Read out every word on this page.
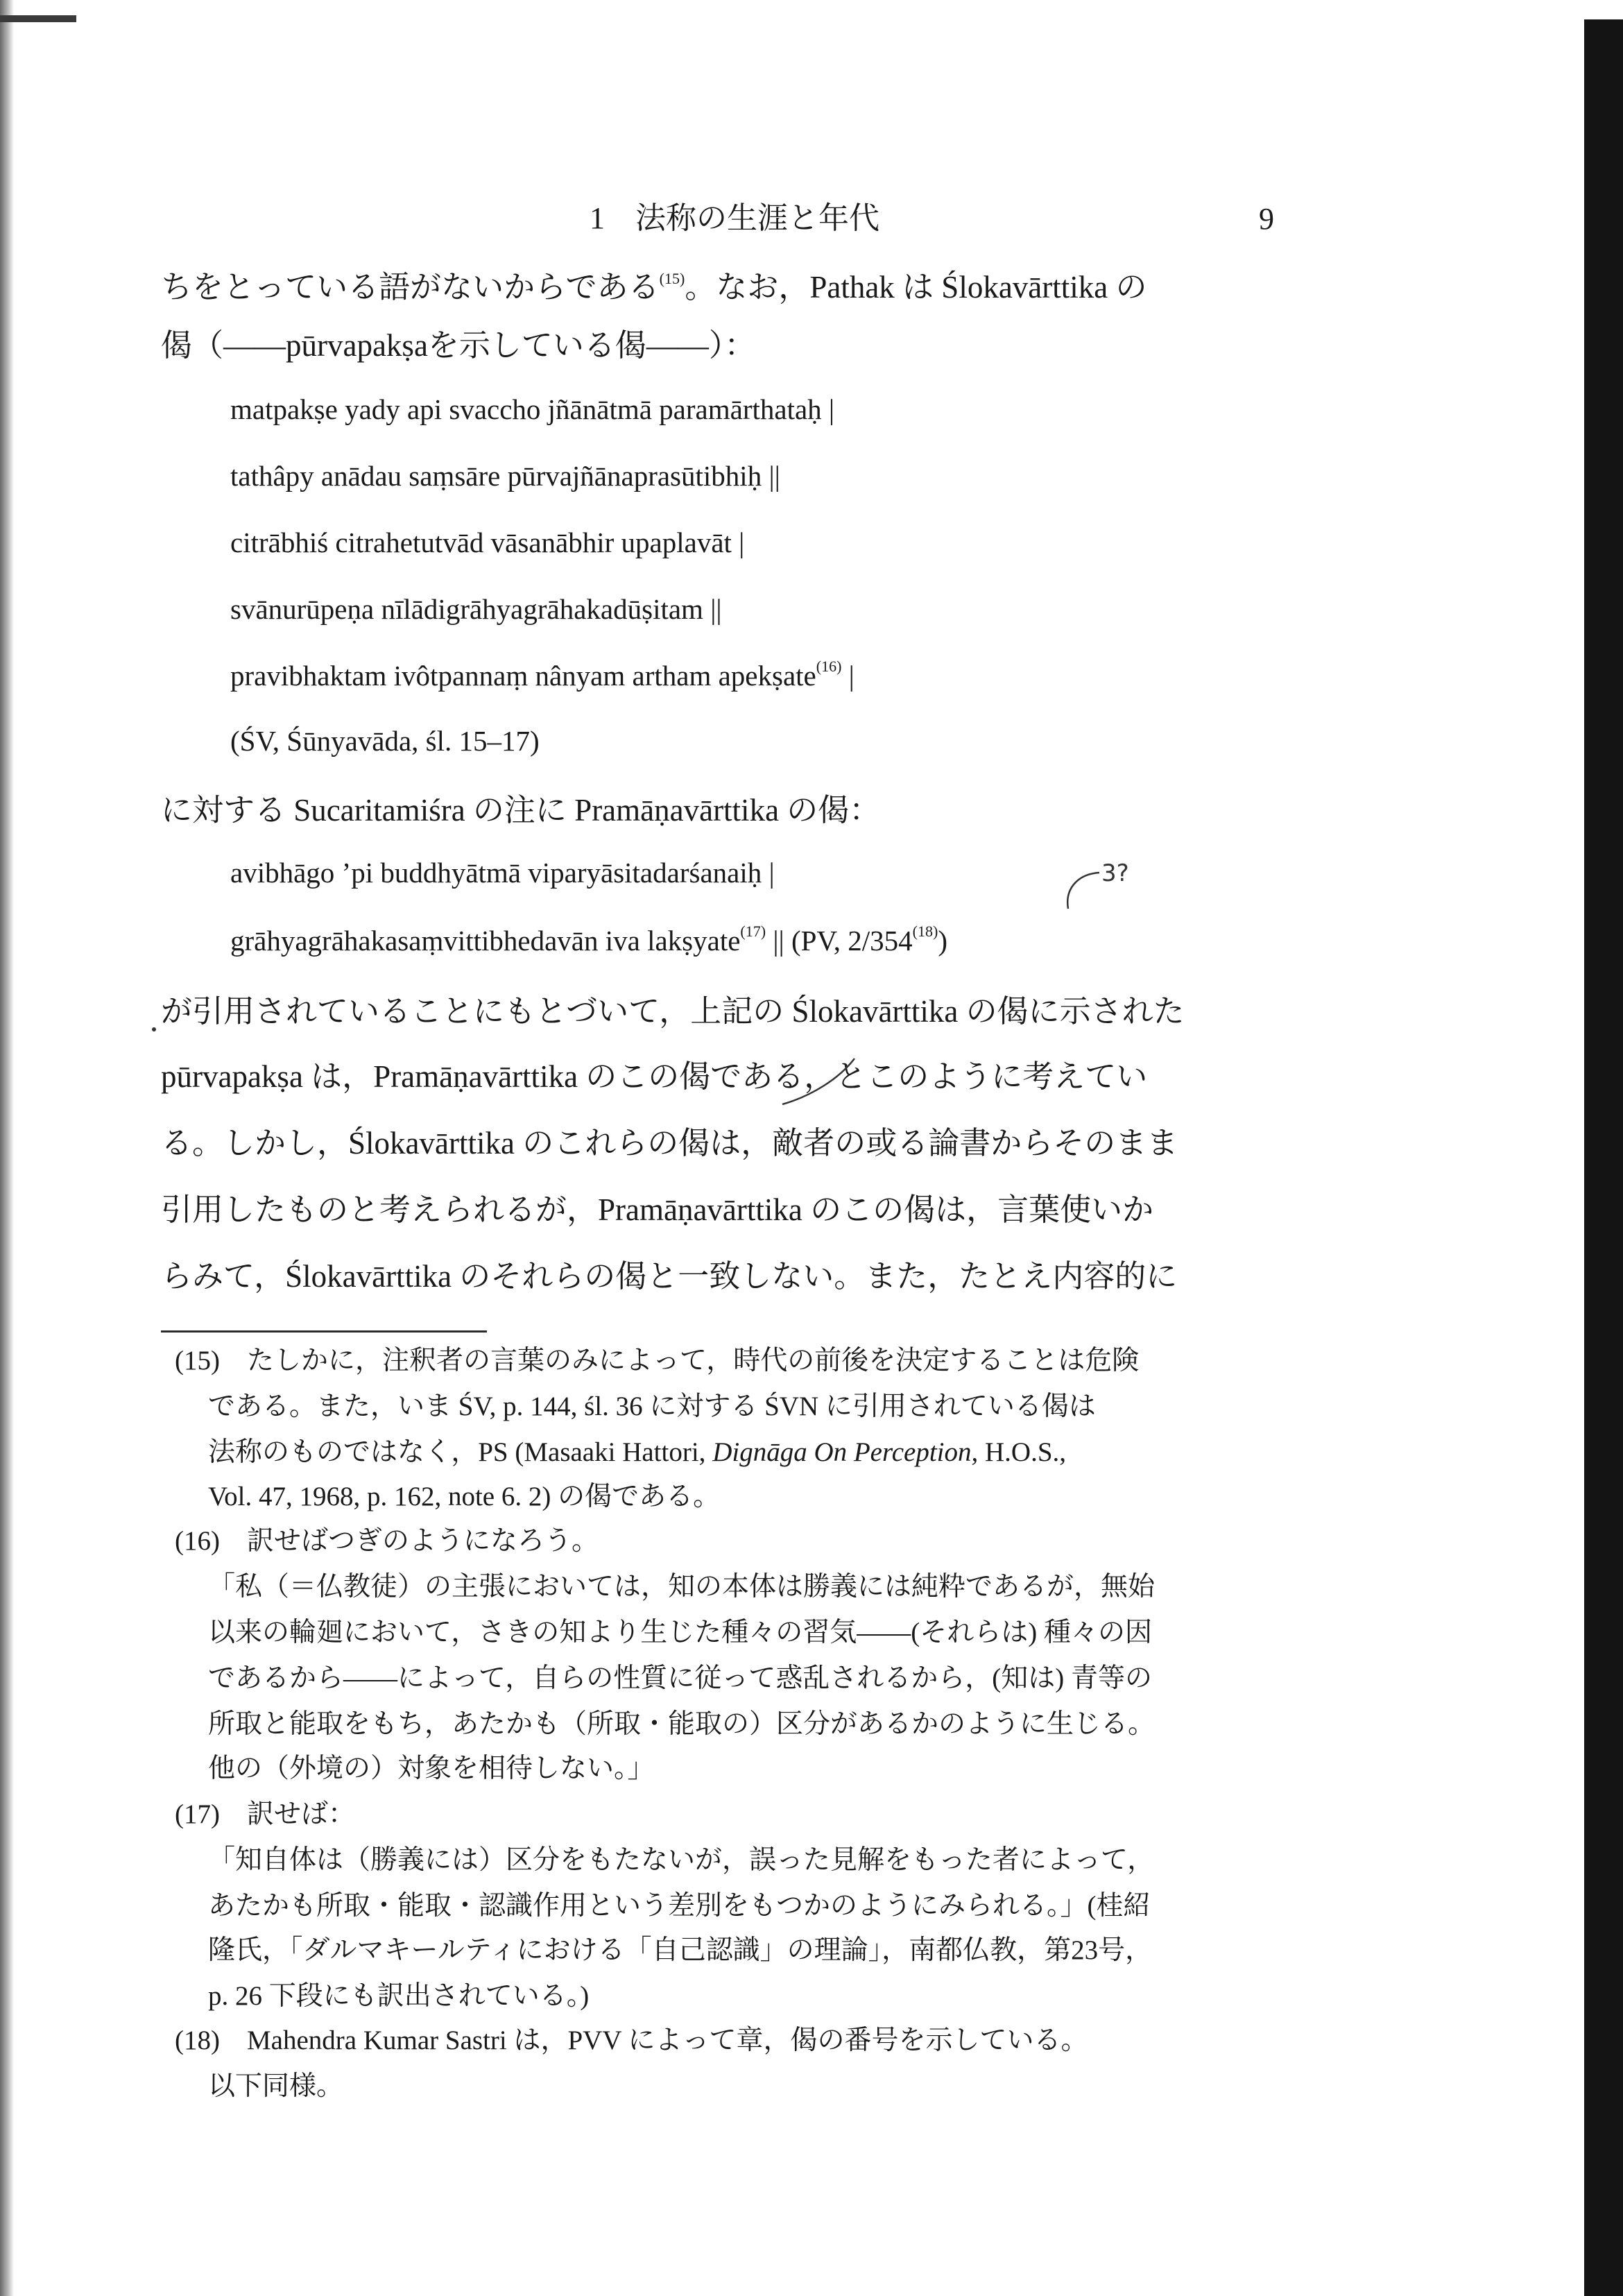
1　法称の生涯と年代	9
ちをとっている語がないからである$^{(15)}$。なお，Pathak は Ślokavārttika の
偈（――pūrvapakṣaを示している偈――）：
matpakṣe yady api svaccho jñānātmā paramārthataḥ |
tathâpy anādau saṃsāre pūrvajñānaprasūtibhiḥ ||
citrābhiś citrahetutvād vāsanābhir upaplavāt |
svānurūpeṇa nīlādigrāhyagrāhakadūṣitam ||
pravibhaktam ivôtpannaṃ nânyam artham apekṣate$^{(16)}$ |
(ŚV, Śūnyavāda, śl. 15–17)
に対する Sucaritamiśra の注に Pramāṇavārttika の偈：
avibhāgo ’pi buddhyātmā viparyāsitadarśanaiḥ |
grāhyagrāhakasaṃvittibhedavān iva lakṣyate$^{(17)}$ || (PV, 2/354$^{(18)}$)
が引用されていることにもとづいて，上記の Ślokavārttika の偈に示された
pūrvapakṣa は，Pramāṇavārttika のこの偈である，とこのように考えてい
る。しかし，Ślokavārttika のこれらの偈は，敵者の或る論書からそのまま
引用したものと考えられるが，Pramāṇavārttika のこの偈は，言葉使いか
らみて，Ślokavārttika のそれらの偈と一致しない。また，たとえ内容的に
3?
(15) たしかに，注釈者の言葉のみによって，時代の前後を決定することは危険
である。また，いま ŚV, p. 144, śl. 36 に対する ŚVN に引用されている偈は
法称のものではなく，PS (Masaaki Hattori, Dignāga On Perception, H.O.S.,
Vol. 47, 1968, p. 162, note 6. 2) の偈である。
(16) 訳せばつぎのようになろう。
「私（＝仏教徒）の主張においては，知の本体は勝義には純粋であるが，無始
以来の輪廻において，さきの知より生じた種々の習気――(それらは) 種々の因
であるから――によって，自らの性質に従って惑乱されるから，(知は) 青等の
所取と能取をもち，あたかも（所取・能取の）区分があるかのように生じる。
他の（外境の）対象を相待しない。」
(17) 訳せば：
「知自体は（勝義には）区分をもたないが，誤った見解をもった者によって，
あたかも所取・能取・認識作用という差別をもつかのようにみられる。」(桂紹
隆氏，「ダルマキールティにおける「自己認識」の理論」，南都仏教，第23号，
p. 26 下段にも訳出されている。)
(18) Mahendra Kumar Sastri は，PVV によって章，偈の番号を示している。
以下同様。
